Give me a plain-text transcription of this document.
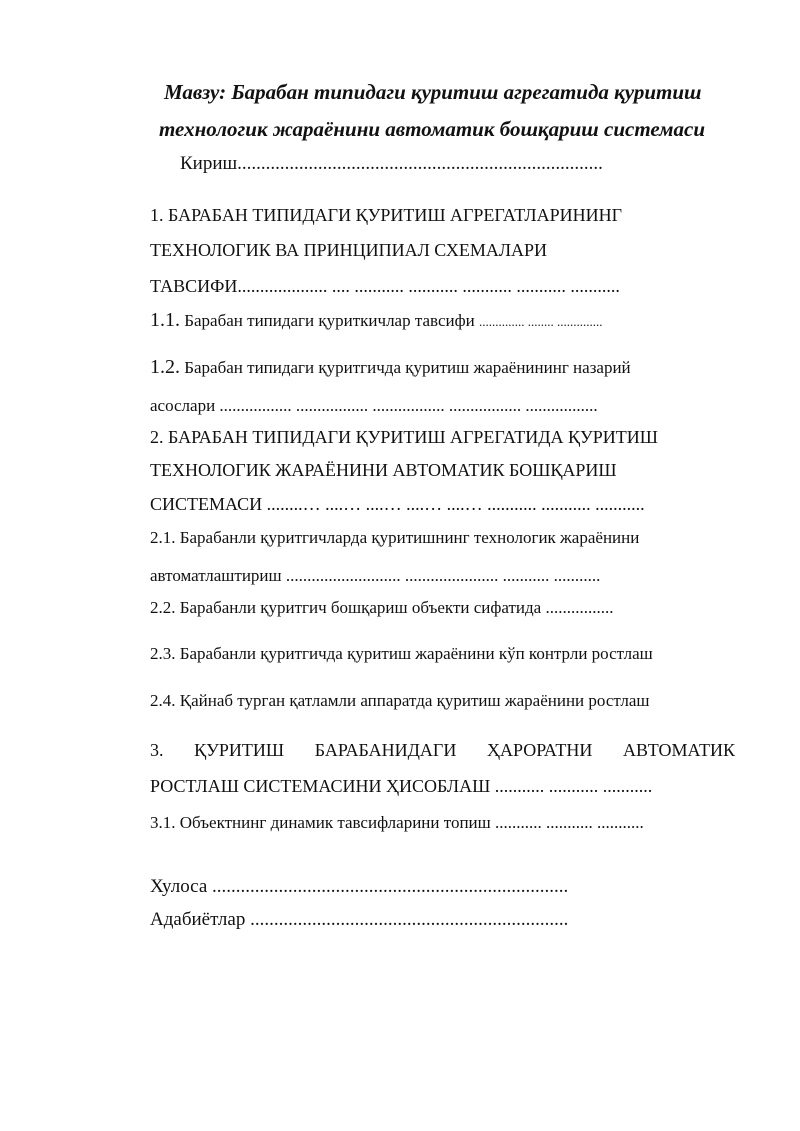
Мавзу: Барабан типидаги қуритиш агрегатида қуритиш
технологик жараёнини автоматик бошқариш системаси
Кириш.............................................................................
1. БАРАБАН ТИПИДАГИ ҚУРИТИШ АГРЕГАТЛАРИНИНГ
ТЕХНОЛОГИК ВА ПРИНЦИПИАЛ СХЕМАЛАРИ
ТАВСИФИ.................... .... ........... ........... ........... ........... ...........
1.1. Барабан типидаги қуриткичлар тавсифи .............. ........ ..............
1.2. Барабан типидаги қуритгичда қуритиш жараёнининг назарий
асослари ................. ................. ................. ................. .................
2. БАРАБАН ТИПИДАГИ ҚУРИТИШ АГРЕГАТИДА ҚУРИТИШ
ТЕХНОЛОГИК ЖАРАЁНИНИ АВТОМАТИК БОШҚАРИШ
СИСТЕМАСИ ........… ....… ....… ....… ....… ........... ........... ...........
2.1. Барабанли қуритгичларда қуритишнинг технологик жараёнини
автоматлаштириш ........................... ...................... ........... ...........
2.2. Барабанли қуритгич бошқариш объекти сифатида ................
2.3. Барабанли қуритгичда қуритиш жараёнини кўп контрли ростлаш
2.4. Қайнаб турган қатламли аппаратда қуритиш жараёнини ростлаш
3. ҚУРИТИШ БАРАБАНИДАГИ ҲАРОРАТНИ АВТОМАТИК
РОСТЛАШ СИСТЕМАСИНИ ҲИСОБЛАШ ........... ........... ...........
3.1. Объектнинг динамик тавсифларини топиш ........... ........... ...........
Хулоса ...........................................................................
Адабиётлар ...................................................................
